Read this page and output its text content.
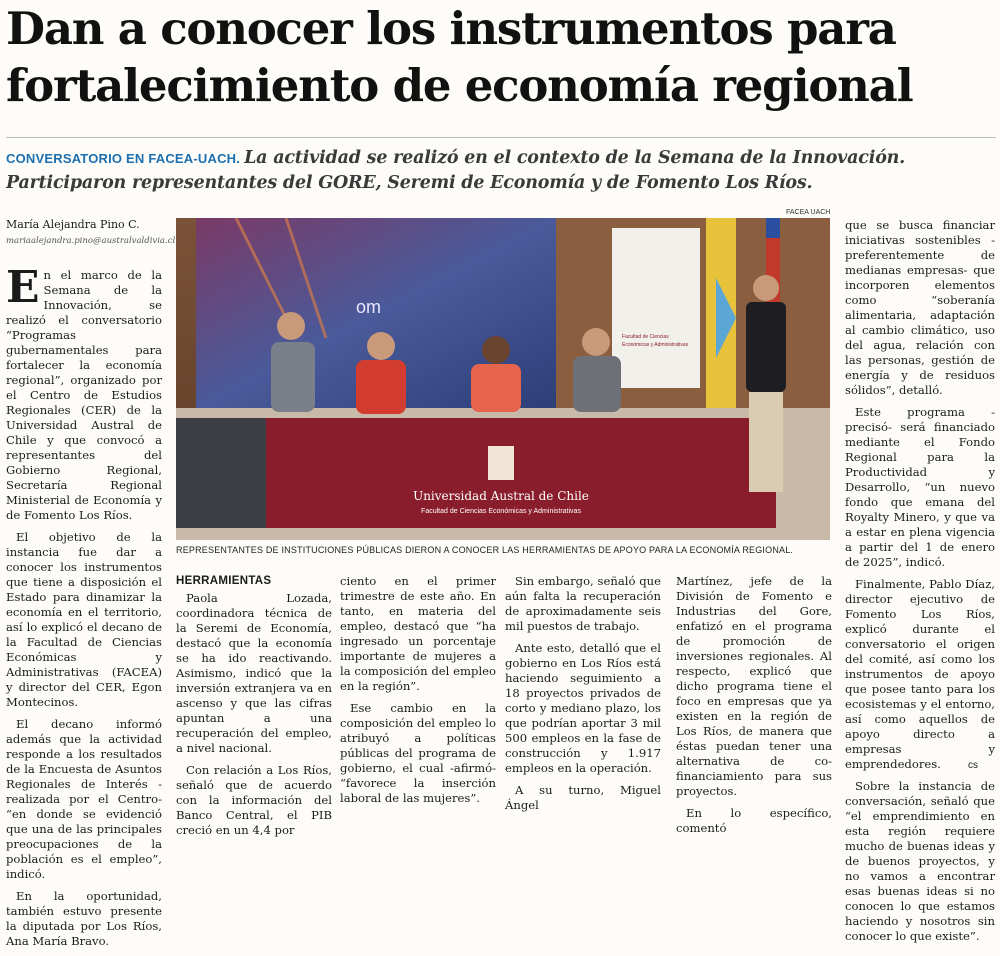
Dan a conocer los instrumentos para fortalecimiento de economía regional
CONVERSATORIO EN FACEA-UACH. La actividad se realizó en el contexto de la Semana de la Innovación. Participaron representantes del GORE, Seremi de Economía y de Fomento Los Ríos.
María Alejandra Pino C.
mariaalejandra.pino@australvaldivia.cl

En el marco de la Semana de la Innovación, se realizó el conversatorio “Programas gubernamentales para fortalecer la economía regional”, organizado por el Centro de Estudios Regionales (CER) de la Universidad Austral de Chile y que convocó a representantes del Gobierno Regional, Secretaría Regional Ministerial de Economía y de Fomento Los Ríos.

El objetivo de la instancia fue dar a conocer los instrumentos que tiene a disposición el Estado para dinamizar la economía en el territorio, así lo explicó el decano de la Facultad de Ciencias Económicas y Administrativas (FACEA) y director del CER, Egon Montecinos.

El decano informó además que la actividad responde a los resultados de la Encuesta de Asuntos Regionales de Interés -realizada por el Centro- “en donde se evidenció que una de las principales preocupaciones de la población es el empleo”, indicó.

En la oportunidad, también estuvo presente la diputada por Los Ríos, Ana María Bravo.

FACEA UACH
om
Facultad de Ciencias
Económicas y Administrativas
Universidad Austral de Chile
Facultad de Ciencias Económicas y Administrativas
REPRESENTANTES DE INSTITUCIONES PÚBLICAS DIERON A CONOCER LAS HERRAMIENTAS DE APOYO PARA LA ECONOMÍA REGIONAL.
HERRAMIENTAS

Paola Lozada, coordinadora técnica de la Seremi de Economía, destacó que la economía se ha ido reactivando. Asimismo, indicó que la inversión extranjera va en ascenso y que las cifras apuntan a una recuperación del empleo, a nivel nacional.

Con relación a Los Ríos, señaló que de acuerdo con la información del Banco Central, el PIB creció en un 4,4 por

ciento en el primer trimestre de este año. En tanto, en materia del empleo, destacó que “ha ingresado un porcentaje importante de mujeres a la composición del empleo en la región”.

Ese cambio en la composición del empleo lo atribuyó a políticas públicas del programa de gobierno, el cual -afirmó- “favorece la inserción laboral de las mujeres”.

Sin embargo, señaló que aún falta la recuperación de aproximadamente seis mil puestos de trabajo.

Ante esto, detalló que el gobierno en Los Ríos está haciendo seguimiento a 18 proyectos privados de corto y mediano plazo, los que podrían aportar 3 mil 500 empleos en la fase de construcción y 1.917 empleos en la operación.

A su turno, Miguel Ángel

Martínez, jefe de la División de Fomento e Industrias del Gore, enfatizó en el programa de promoción de inversiones regionales. Al respecto, explicó que dicho programa tiene el foco en empresas que ya existen en la región de Los Ríos, de manera que éstas puedan tener una alternativa de co-financiamiento para sus proyectos.

En lo específico, comentó

que se busca financiar iniciativas sostenibles -preferentemente de medianas empresas- que incorporen elementos como “soberanía alimentaria, adaptación al cambio climático, uso del agua, relación con las personas, gestión de energía y de residuos sólidos”, detalló.

Este programa -precisó- será financiado mediante el Fondo Regional para la Productividad y Desarrollo, “un nuevo fondo que emana del Royalty Minero, y que va a estar en plena vigencia a partir del 1 de enero de 2025”, indicó.

Finalmente, Pablo Díaz, director ejecutivo de Fomento Los Ríos, explicó durante el conversatorio el origen del comité, así como los instrumentos de apoyo que posee tanto para los ecosistemas y el entorno, así como aquellos de apoyo directo a empresas y emprendedores.

Sobre la instancia de conversación, señaló que “el emprendimiento en esta región requiere mucho de buenas ideas y de buenos proyectos, y no vamos a encontrar esas buenas ideas si no conocen lo que estamos haciendo y nosotros sin conocer lo que existe”.

cs
